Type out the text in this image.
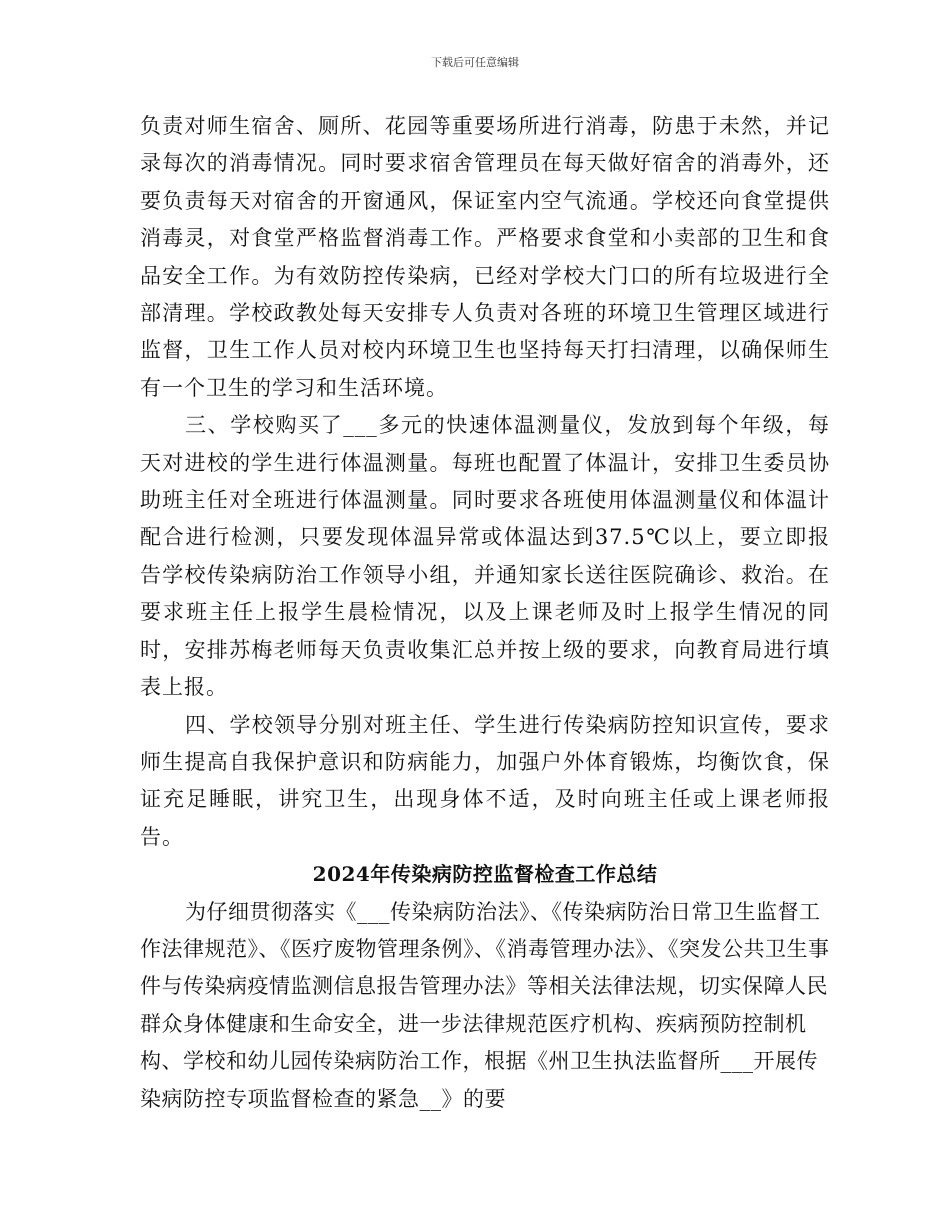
下载后可任意编辑

负责对师生宿舍、厕所、花园等重要场所进行消毒，防患于未然，并记录每次的消毒情况。同时要求宿舍管理员在每天做好宿舍的消毒外，还要负责每天对宿舍的开窗通风，保证室内空气流通。学校还向食堂提供消毒灵，对食堂严格监督消毒工作。严格要求食堂和小卖部的卫生和食品安全工作。为有效防控传染病，已经对学校大门口的所有垃圾进行全部清理。学校政教处每天安排专人负责对各班的环境卫生管理区域进行监督，卫生工作人员对校内环境卫生也坚持每天打扫清理，以确保师生有一个卫生的学习和生活环境。

三、学校购买了___多元的快速体温测量仪，发放到每个年级，每天对进校的学生进行体温测量。每班也配置了体温计，安排卫生委员协助班主任对全班进行体温测量。同时要求各班使用体温测量仪和体温计配合进行检测，只要发现体温异常或体温达到37.5℃以上，要立即报告学校传染病防治工作领导小组，并通知家长送往医院确诊、救治。在要求班主任上报学生晨检情况，以及上课老师及时上报学生情况的同时，安排苏梅老师每天负责收集汇总并按上级的要求，向教育局进行填表上报。

四、学校领导分别对班主任、学生进行传染病防控知识宣传，要求师生提高自我保护意识和防病能力，加强户外体育锻炼，均衡饮食，保证充足睡眠，讲究卫生，出现身体不适，及时向班主任或上课老师报告。

2024年传染病防控监督检查工作总结

为仔细贯彻落实《___传染病防治法》、《传染病防治日常卫生监督工作法律规范》、《医疗废物管理条例》、《消毒管理办法》、《突发公共卫生事件与传染病疫情监测信息报告管理办法》等相关法律法规，切实保障人民群众身体健康和生命安全，进一步法律规范医疗机构、疾病预防控制机构、学校和幼儿园传染病防治工作，根据《州卫生执法监督所___开展传染病防控专项监督检查的紧急__》的要
